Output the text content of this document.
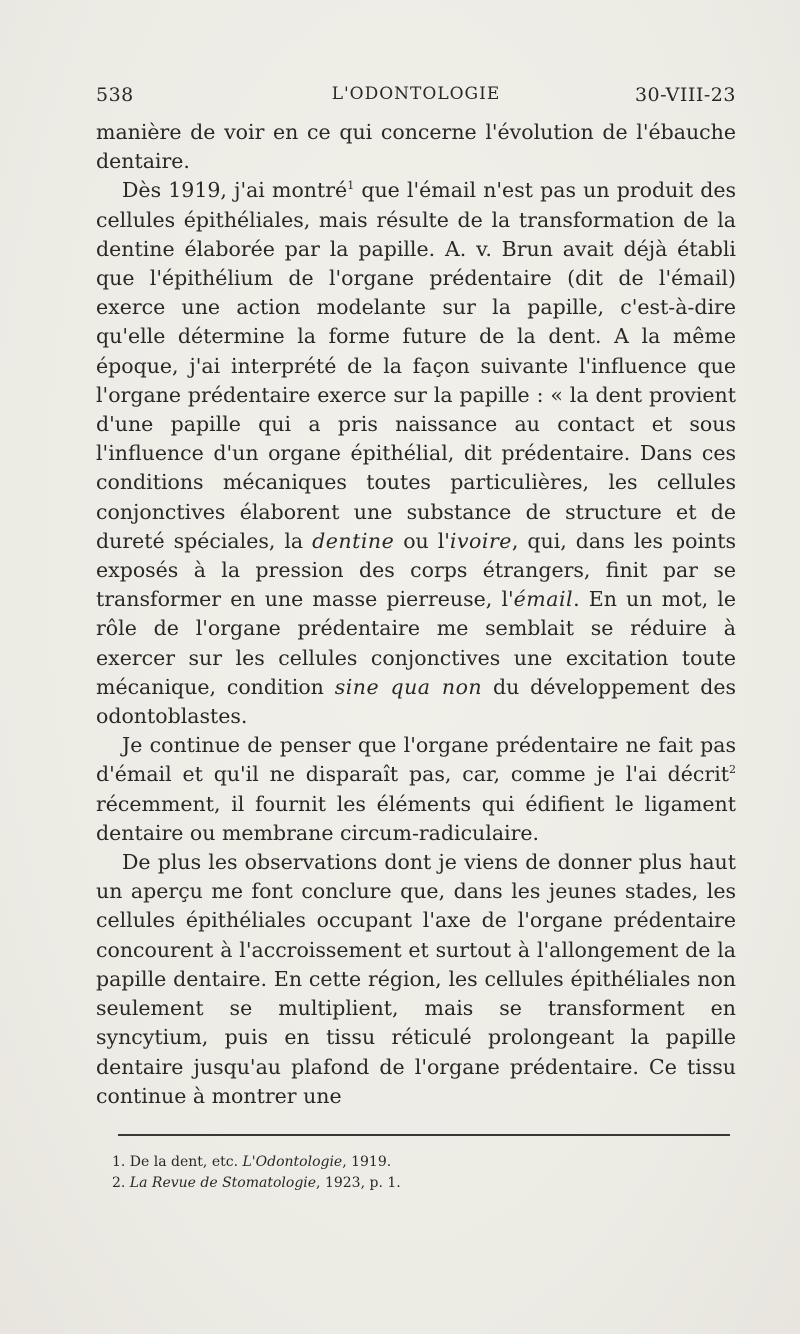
538	L'ODONTOLOGIE	30-VIII-23

manière de voir en ce qui concerne l'évolution de l'ébauche dentaire.

Dès 1919, j'ai montré$^1$ que l'émail n'est pas un produit des cellules épithéliales, mais résulte de la transformation de la dentine élaborée par la papille. A. v. Brun avait déjà établi que l'épithélium de l'organe prédentaire (dit de l'émail) exerce une action modelante sur la papille, c'est-à-dire qu'elle détermine la forme future de la dent. A la même époque, j'ai interprété de la façon suivante l'influence que l'organe prédentaire exerce sur la papille : « la dent provient d'une papille qui a pris naissance au contact et sous l'influence d'un organe épithélial, dit prédentaire. Dans ces conditions mécaniques toutes particulières, les cellules conjonctives élaborent une substance de structure et de dureté spéciales, la dentine ou l'ivoire, qui, dans les points exposés à la pression des corps étrangers, finit par se transformer en une masse pierreuse, l'émail. En un mot, le rôle de l'organe prédentaire me semblait se réduire à exercer sur les cellules conjonctives une excitation toute mécanique, condition sine qua non du développement des odontoblastes.

Je continue de penser que l'organe prédentaire ne fait pas d'émail et qu'il ne disparaît pas, car, comme je l'ai décrit$^2$ récemment, il fournit les éléments qui édifient le ligament dentaire ou membrane circum-radiculaire.

De plus les observations dont je viens de donner plus haut un aperçu me font conclure que, dans les jeunes stades, les cellules épithéliales occupant l'axe de l'organe prédentaire concourent à l'accroissement et surtout à l'allongement de la papille dentaire. En cette région, les cellules épithéliales non seulement se multiplient, mais se transforment en syncytium, puis en tissu réticulé prolongeant la papille dentaire jusqu'au plafond de l'organe prédentaire. Ce tissu continue à montrer une

1. De la dent, etc. L'Odontologie, 1919.
2. La Revue de Stomatologie, 1923, p. 1.
